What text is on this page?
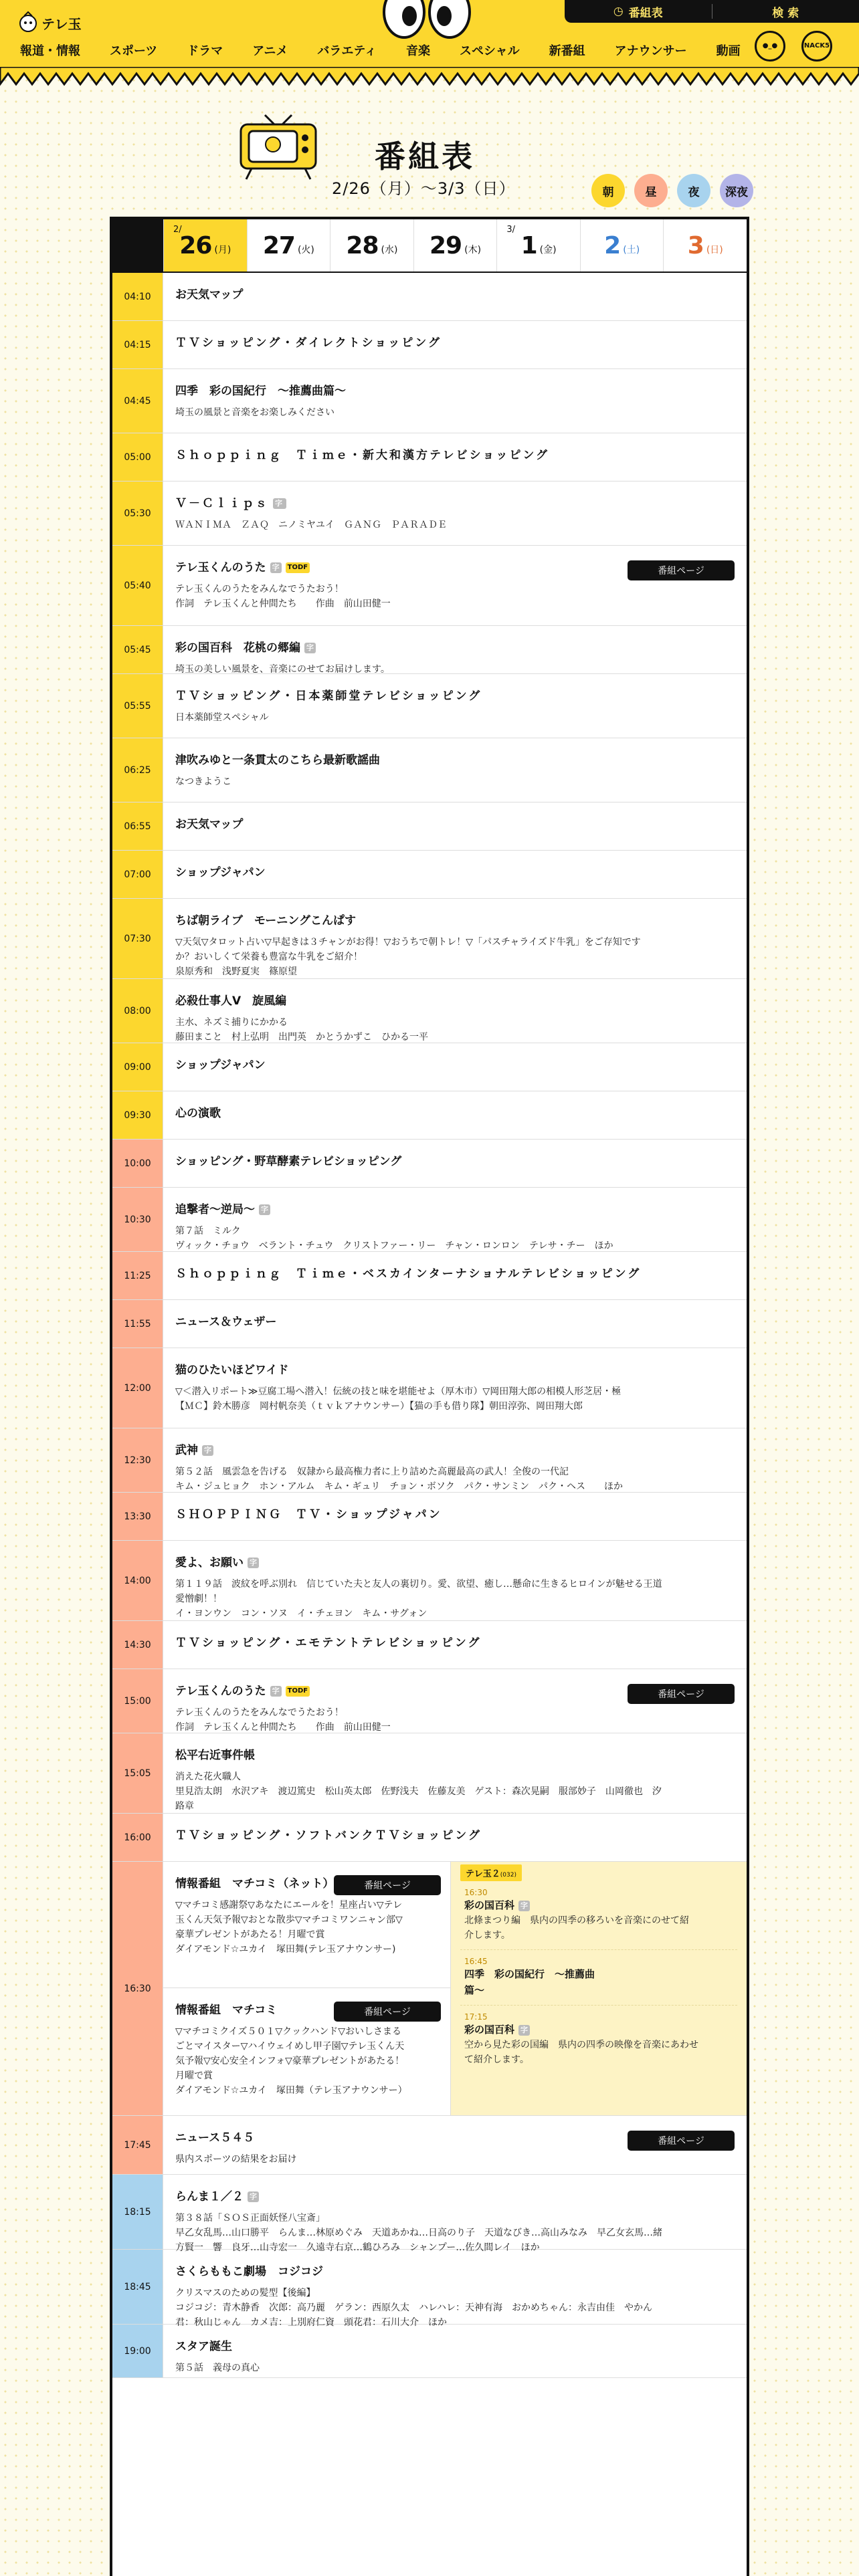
テレ玉
◷ 番組表	検 索
報道・情報 スポーツ ドラマ アニメ バラエティ 音楽 スペシャル 新番組 アナウンサー 動画	●_●	NACK5
番組表
2/26（月）～3/3（日）	朝	昼	夜	深夜
2/
26 (月) 27 (火) 28 (水) 29 (木)
3/
1 (金) 2 (土) 3 (日)
04:10	お天気マップ
04:15	ＴＶショッピング・ダイレクトショッピング
04:45
四季　彩の国紀行　～推薦曲篇～
埼玉の風景と音楽をお楽しみください
05:00	Ｓｈｏｐｐｉｎｇ　Ｔｉｍｅ・新大和漢方テレビショッピング
05:30
Ｖ－Ｃｌｉｐｓ 字
ＷＡＮＩＭＡ　ＺＡＱ　ニノミヤユイ　ＧＡＮＧ　ＰＡＲＡＤＥ
05:40
テレ玉くんのうた 字 TODF	番組ページ
テレ玉くんのうたをみんなでうたおう！
作詞　テレ玉くんと仲間たち　　作曲　前山田健一
05:45	彩の国百科　花桃の郷編 字
埼玉の美しい風景を、音楽にのせてお届けします。
05:55
ＴＶショッピング・日本薬師堂テレビショッピング
日本薬師堂スペシャル
06:25
津吹みゆと一条貫太のこちら最新歌謡曲
なつきようこ
06:55	お天気マップ
07:00	ショップジャパン
07:30
ちば朝ライブ　モーニングこんぱす
▽天気▽タロット占い▽早起きは３チャンがお得！▽おうちで朝トレ！▽「パスチャライズド牛乳」をご存知です
か？おいしくて栄養も豊富な牛乳をご紹介！
泉原秀和　浅野夏実　篠原望
08:00
必殺仕事人Ⅴ　旋風編
主水、ネズミ捕りにかかる
藤田まこと　村上弘明　出門英　かとうかずこ　ひかる一平
09:00	ショップジャパン
09:30	心の演歌
10:00	ショッピング・野草酵素テレビショッピング
10:30
追撃者～逆局～ 字
第７話　ミルク
ヴィック・チョウ　ベラント・チュウ　クリストファー・リー　チャン・ロンロン　テレサ・チー　ほか
11:25	Ｓｈｏｐｐｉｎｇ　Ｔｉｍｅ・ベスカインターナショナルテレビショッピング
11:55	ニュース＆ウェザー
12:00
猫のひたいほどワイド
▽＜潜入リポート≫豆腐工場へ潜入！伝統の技と味を堪能せよ（厚木市）▽岡田翔大郎の相模人形芝居・極
【ＭＣ】鈴木勝彦　岡村帆奈美（ｔｖｋアナウンサー）【猫の手も借り隊】朝田淳弥、岡田翔大郎
12:30
武神 字
第５２話　風雲急を告げる　奴隷から最高権力者に上り詰めた高麗最高の武人！全俊の一代記
キム・ジュヒョク　ホン・アルム　キム・ギュリ　チョン・ボソク　パク・サンミン　パク・ヘス　　ほか
13:30	ＳＨＯＰＰＩＮＧ　ＴＶ・ショップジャパン
14:00
愛よ、お願い 字
第１１９話　波紋を呼ぶ別れ　信じていた夫と友人の裏切り。愛、欲望、癒し…懸命に生きるヒロインが魅せる王道
愛憎劇！！
イ・ヨンウン　コン・ソヌ　イ・チェヨン　キム・サグォン
14:30	ＴＶショッピング・エモテントテレビショッピング
15:00
テレ玉くんのうた 字 TODF	番組ページ
テレ玉くんのうたをみんなでうたおう！
作詞　テレ玉くんと仲間たち　　作曲　前山田健一
15:05
松平右近事件帳
消えた花火職人
里見浩太朗　水沢アキ　渡辺篤史　松山英太郎　佐野浅夫　佐藤友美　ゲスト：森次晃嗣　服部妙子　山岡徹也　汐
路章
16:00	ＴＶショッピング・ソフトバンクＴＶショッピング
16:30
情報番組　マチコミ（ネット）	番組ページ
▽マチコミ感謝祭▽あなたにエールを！星座占い▽テレ
玉くん天気予報▽おとな散歩▽マチコミワンニャン部▽
豪華プレゼントがあたる！月曜で賞
ダイアモンド☆ユカイ　塚田舞(テレ玉アナウンサー)
情報番組　マチコミ	番組ページ
▽マチコミクイズ５０１▽クックハンド▽おいしさまる
ごとマイスター▽ハイウェイめし甲子園▽テレ玉くん天
気予報▽安心安全インフォ▽豪華プレゼントがあたる！
月曜で賞
ダイアモンド☆ユカイ　塚田舞（テレ玉アナウンサー）
テレ玉２(032)
16:30
彩の国百科 字
北條まつり編　県内の四季の移ろいを音楽にのせて紹
介します。
16:45
四季　彩の国紀行　～推薦曲
篇～
17:15
彩の国百科 字
空から見た彩の国編　県内の四季の映像を音楽にあわせ
て紹介します。
17:45
ニュース５４５	番組ページ
県内スポーツの結果をお届け
18:15
らんま１／２ 字
第３８話「ＳＯＳ正面妖怪八宝斎」
早乙女乱馬…山口勝平　らんま…林原めぐみ　天道あかね…日高のり子　天道なびき…高山みなみ　早乙女玄馬…緒
方賢一　響　良牙…山寺宏一　久遠寺右京…鶴ひろみ　シャンプー…佐久間レイ　ほか
18:45
さくらももこ劇場　コジコジ
クリスマスのための髪型【後編】
コジコジ：青木静香　次郎：高乃麗　ゲラン：西原久太　ハレハレ：天神有海　おかめちゃん：永吉由佳　やかん
君：秋山じゃん　カメ吉：上別府仁資　頭花君：石川大介　ほか
19:00	スタア誕生
第５話　義母の真心
